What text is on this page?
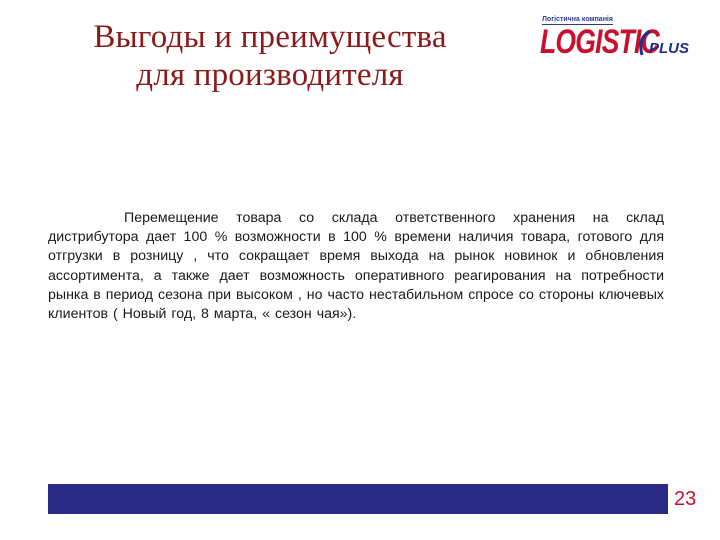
Выгоды и преимущества
для производителя
Логістична компанія
LOGISTIC
PLUS
Перемещение товара со склада ответственного хранения на склад дистрибутора дает 100 % возможности в 100 % времени наличия товара, готового для отгрузки в розницу , что сокращает время выхода на рынок новинок и обновления ассортимента, а также дает возможность оперативного реагирования на потребности рынка в период сезона при высоком , но часто нестабильном спросе со стороны ключевых клиентов ( Новый год, 8 марта, « сезон чая»).
23
